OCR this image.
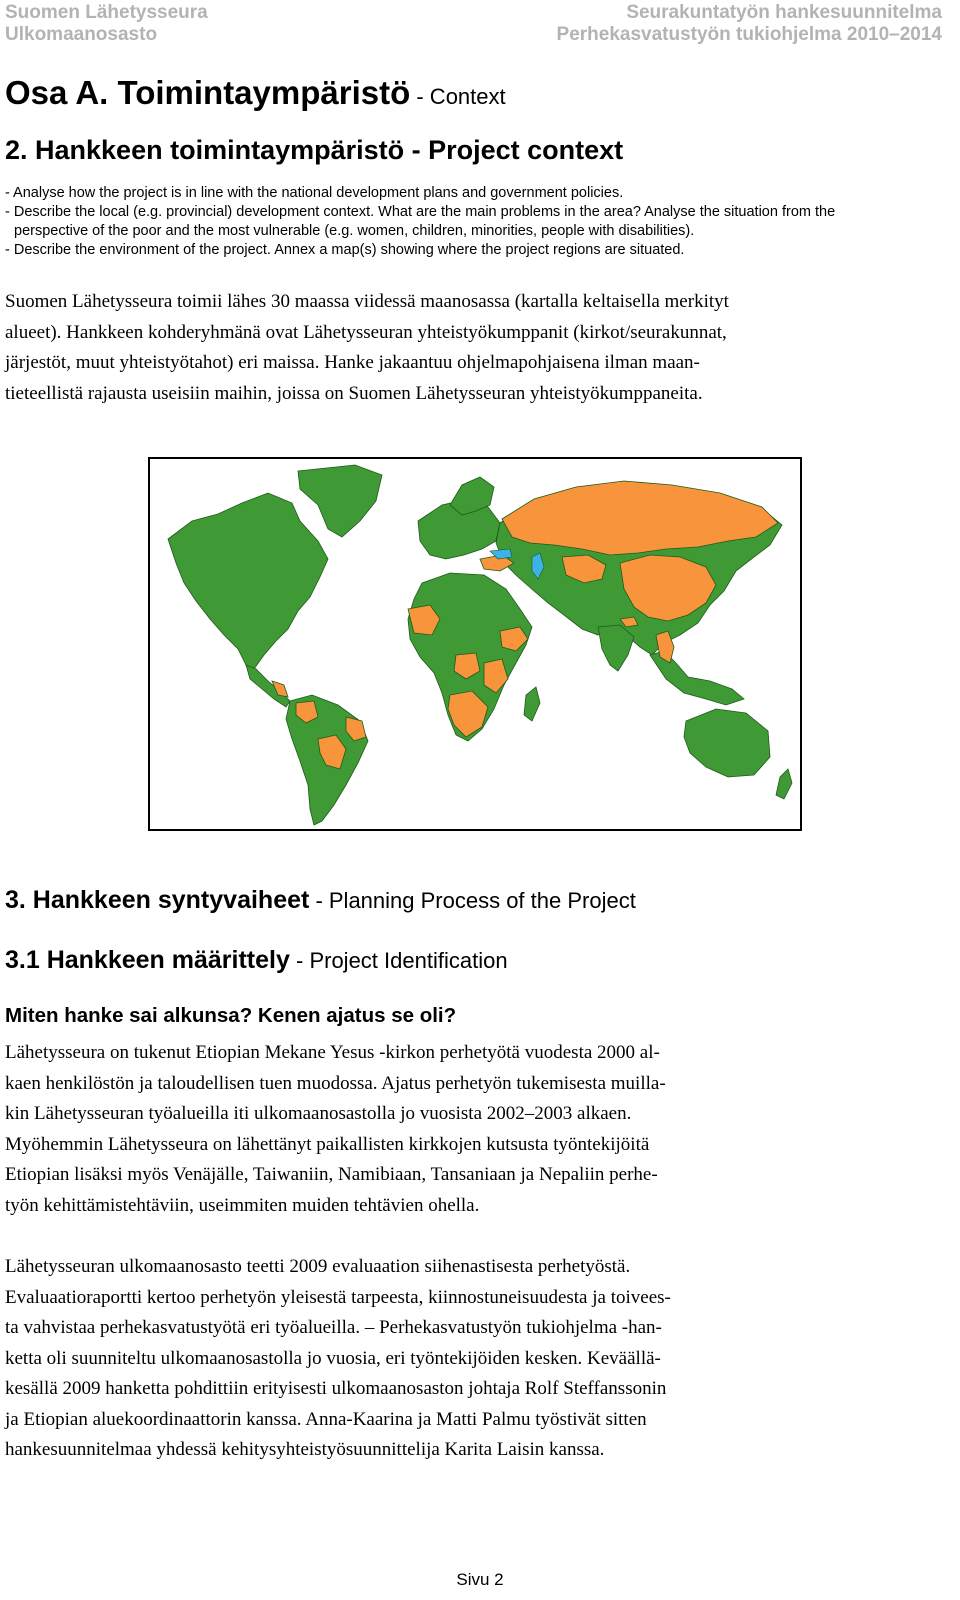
Suomen Lähetysseura
Ulkomaanosasto
Seurakuntatyön hankesuunnitelma
Perhekasvatustyön tukiohjelma 2010–2014
Osa A. Toimintaympäristö - Context
2. Hankkeen toimintaympäristö - Project context
- Analyse how the project is in line with the national development plans and government policies.
- Describe the local (e.g. provincial) development context. What are the main problems in the area? Analyse the situation from the
perspective of the poor and the most vulnerable (e.g. women, children, minorities, people with disabilities).
- Describe the environment of the project. Annex a map(s) showing where the project regions are situated.
Suomen Lähetysseura toimii lähes 30 maassa viidessä maanosassa (kartalla keltaisella merkityt
alueet). Hankkeen kohderyhmänä ovat Lähetysseuran yhteistyökumppanit (kirkot/seurakunnat,
järjestöt, muut yhteistyötahot) eri maissa. Hanke jakaantuu ohjelmapohjaisena ilman maan-
tieteellistä rajausta useisiin maihin, joissa on Suomen Lähetysseuran yhteistyökumppaneita.
3. Hankkeen syntyvaiheet - Planning Process of the Project
3.1 Hankkeen määrittely - Project Identification
Miten hanke sai alkunsa? Kenen ajatus se oli?
Lähetysseura on tukenut Etiopian Mekane Yesus -kirkon perhetyötä vuodesta 2000 al-
kaen henkilöstön ja taloudellisen tuen muodossa. Ajatus perhetyön tukemisesta muilla-
kin Lähetysseuran työalueilla iti ulkomaanosastolla jo vuosista 2002–2003 alkaen.
Myöhemmin Lähetysseura on lähettänyt paikallisten kirkkojen kutsusta työntekijöitä
Etiopian lisäksi myös Venäjälle, Taiwaniin, Namibiaan, Tansaniaan ja Nepaliin perhe-
työn kehittämistehtäviin, useimmiten muiden tehtävien ohella.
Lähetysseuran ulkomaanosasto teetti 2009 evaluaation siihenastisesta perhetyöstä.
Evaluaatioraportti kertoo perhetyön yleisestä tarpeesta, kiinnostuneisuudesta ja toivees-
ta vahvistaa perhekasvatustyötä eri työalueilla. – Perhekasvatustyön tukiohjelma -han-
ketta oli suunniteltu ulkomaanosastolla jo vuosia, eri työntekijöiden kesken. Keväällä-
kesällä 2009 hanketta pohdittiin erityisesti ulkomaanosaston johtaja Rolf Steffanssonin
ja Etiopian aluekoordinaattorin kanssa. Anna-Kaarina ja Matti Palmu työstivät sitten
hankesuunnitelmaa yhdessä kehitysyhteistyösuunnittelija Karita Laisin kanssa.
Sivu 2
